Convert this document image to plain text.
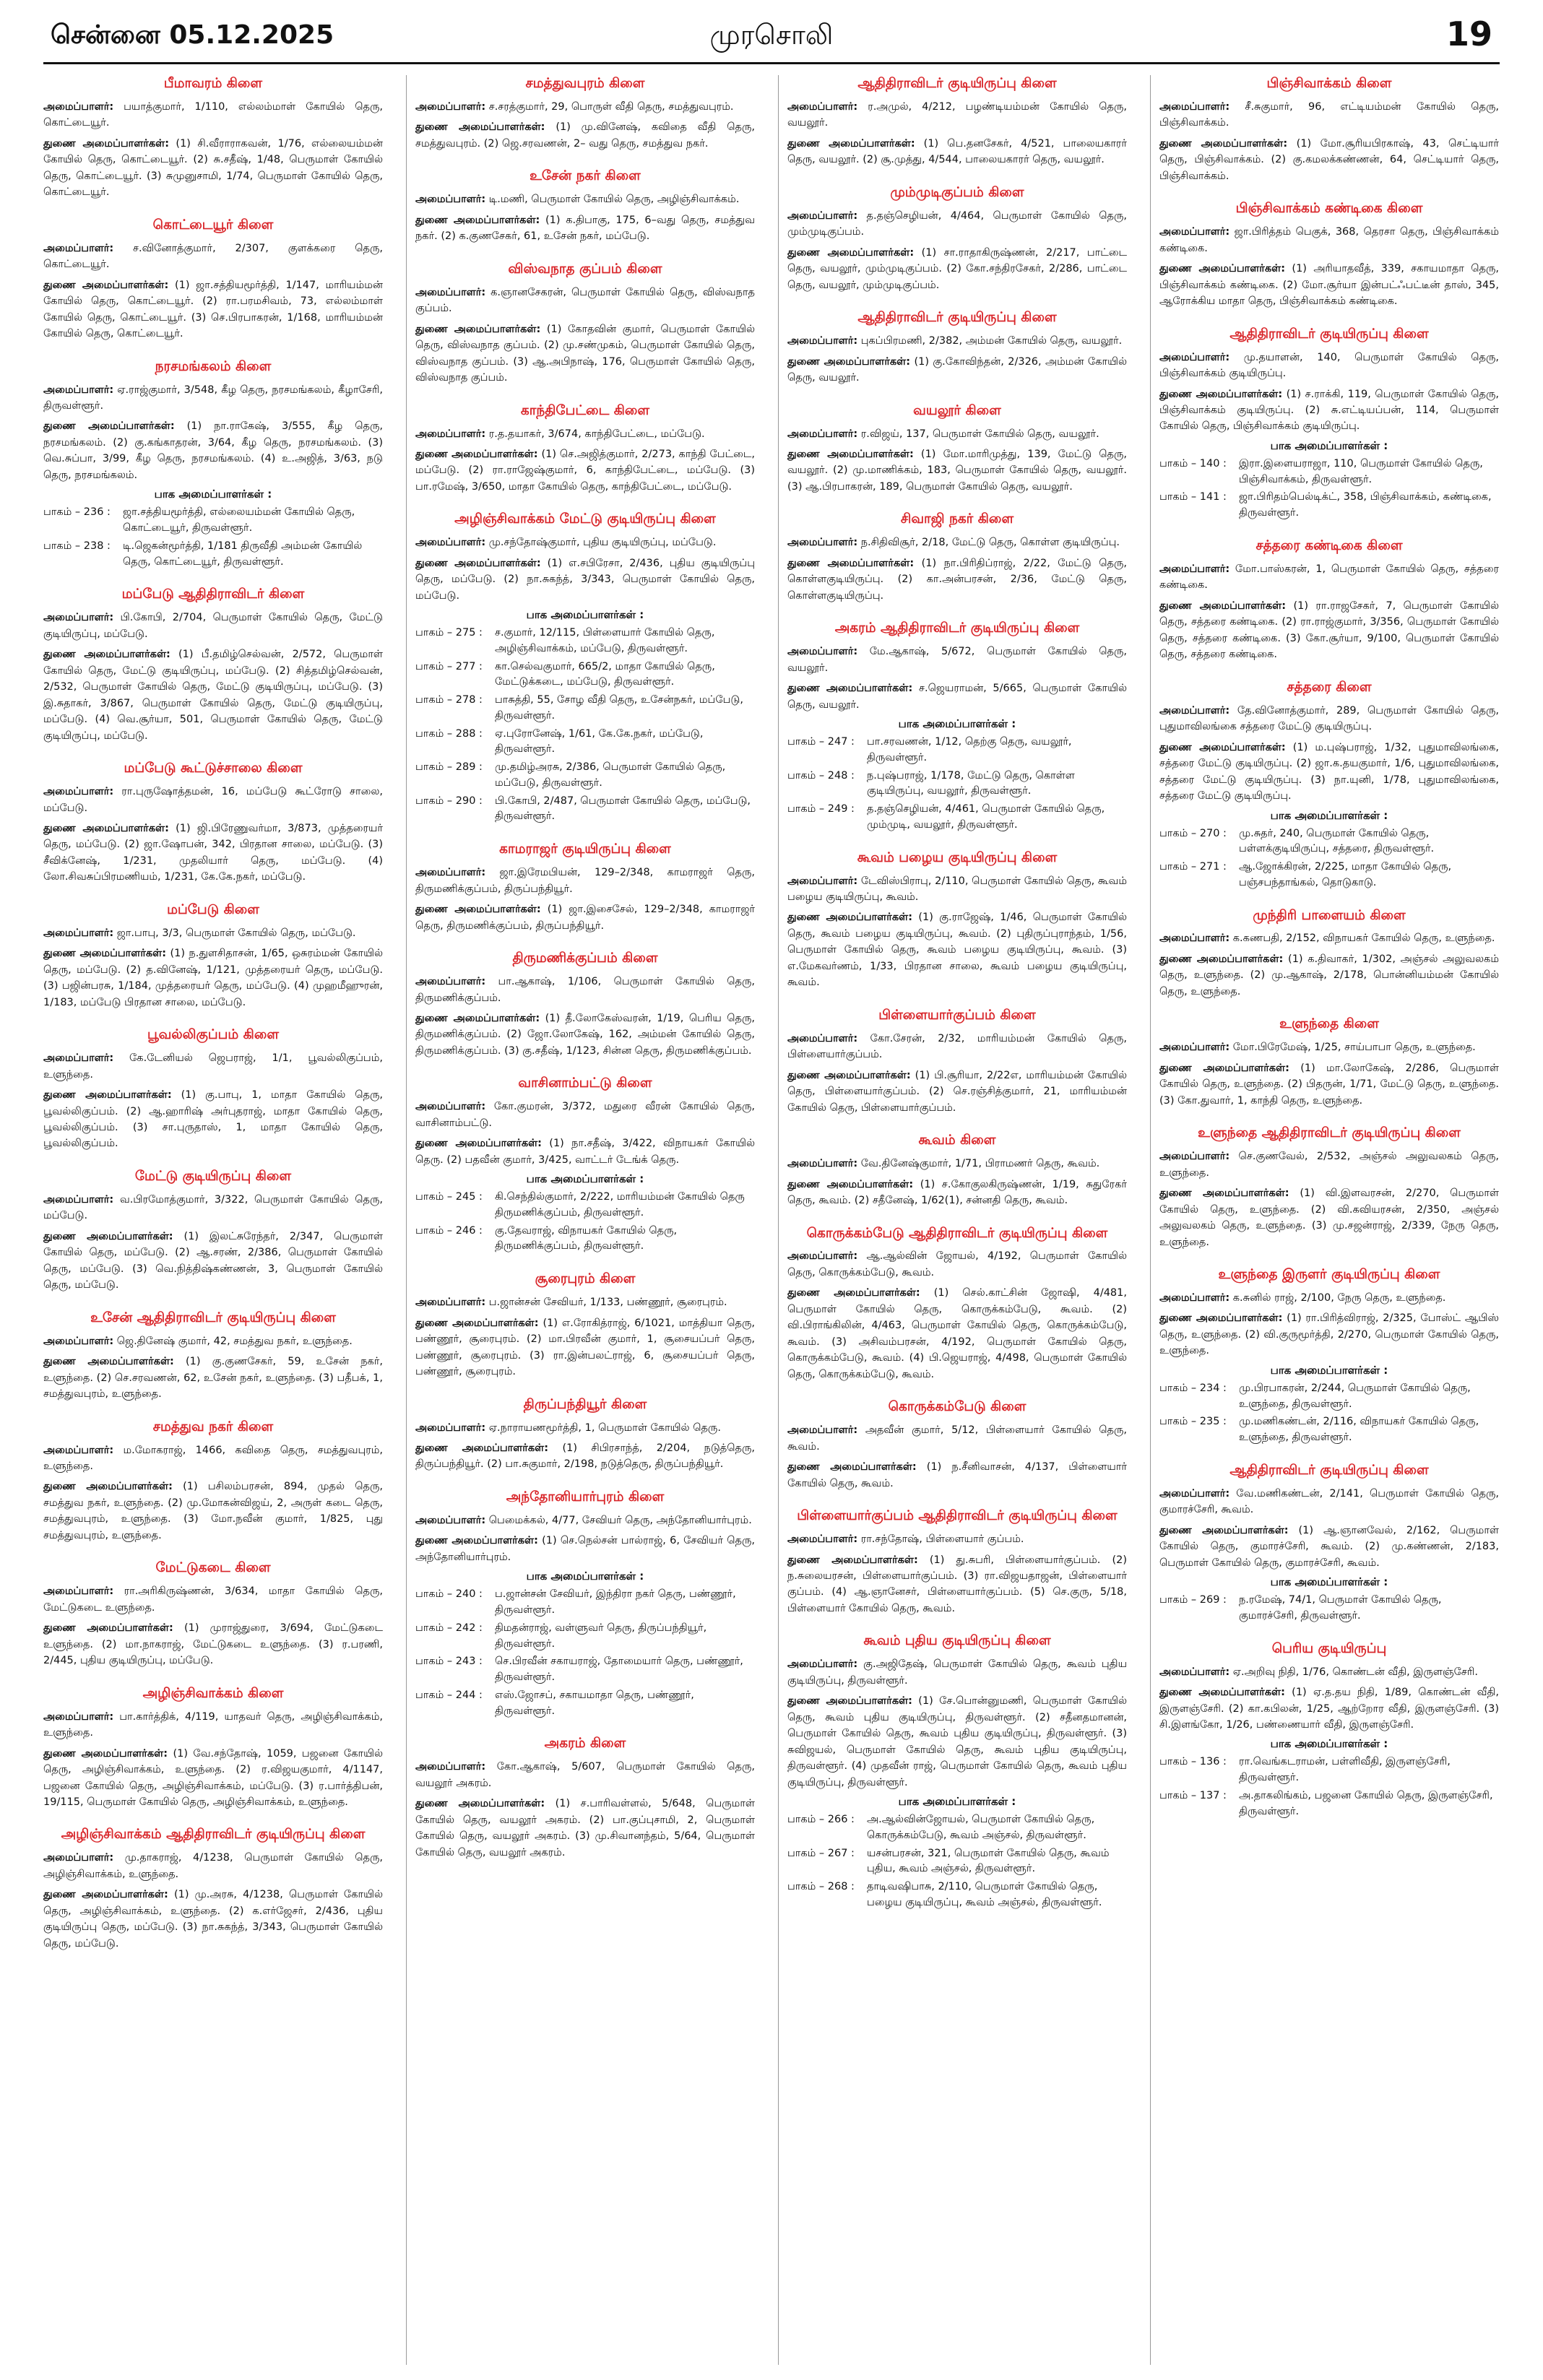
சென்னை 05.12.2025	முரசொலி	19
பீமாவரம் கிளை
அமைப்பாளர்: பயாத்குமார், 1/110, எல்லம்மாள் கோயில் தெரு, கொட்டையூர்.
துணை அமைப்பாளர்கள்: (1) சி.வீராராகவன், 1/76, எல்லையம்மன் கோயில் தெரு, கொட்டையூர். (2) சு.சதீஷ், 1/48, பெருமாள் கோயில் தெரு, கொட்டையூர். (3) சுமுனுசாமி, 1/74, பெருமாள் கோயில் தெரு, கொட்டையூர்.
கொட்டையூர் கிளை
அமைப்பாளர்: ச.வினோத்குமார், 2/307, குளக்கரை தெரு, கொட்டையூர்.
துணை அமைப்பாளர்கள்: (1) ஜா.சத்தியமூர்த்தி, 1/147, மாரியம்மன் கோயில் தெரு, கொட்டையூர். (2) ரா.பரமசிவம், 73, எல்லம்மாள் கோயில் தெரு, கொட்டையூர். (3) செ.பிரபாகரன், 1/168, மாரியம்மன் கோயில் தெரு, கொட்டையூர்.
நரசமங்கலம் கிளை
அமைப்பாளர்: ஏ.ராஜ்குமார், 3/548, கீழ தெரு, நரசமங்கலம், கீழாசேரி, திருவள்ளூர்.
துணை அமைப்பாளர்கள்: (1) நா.ராகேஷ், 3/555, கீழ தெரு, நரசமங்கலம். (2) கு.கங்காதரன், 3/64, கீழ தெரு, நரசமங்கலம். (3) வெ.சுப்பா, 3/99, கீழ தெரு, நரசமங்கலம். (4) உ.அஜித், 3/63, நடு தெரு, நரசமங்கலம்.
பாக அமைப்பாளர்கள் :
பாகம் – 236 :	ஜா.சத்தியமூர்த்தி, எல்லையம்மன் கோயில் தெரு, கொட்டையூர், திருவள்ளூர்.
பாகம் – 238 :	டி.ஜெகன்மூர்த்தி, 1/181 திருவீதி அம்மன் கோயில் தெரு, கொட்டையூர், திருவள்ளூர்.
மப்பேடு ஆதிதிராவிடர் கிளை
அமைப்பாளர்: பி.கோபி, 2/704, பெருமாள் கோயில் தெரு, மேட்டு குடியிருப்பு, மப்பேடு.
துணை அமைப்பாளர்கள்: (1) பீ.தமிழ்செல்வன், 2/572, பெருமாள் கோயில் தெரு, மேட்டு குடியிருப்பு, மப்பேடு. (2) சித்தமிழ்செல்வன், 2/532, பெருமாள் கோயில் தெரு, மேட்டு குடியிருப்பு, மப்பேடு. (3) இ.சுதாகர், 3/867, பெருமாள் கோயில் தெரு, மேட்டு குடியிருப்பு, மப்பேடு. (4) வெ.சூர்யா, 501, பெருமாள் கோயில் தெரு, மேட்டு குடியிருப்பு, மப்பேடு.
மப்பேடு கூட்டுச்சாலை கிளை
அமைப்பாளர்: ரா.புருஷோத்தமன், 16, மப்பேடு கூட்ரோடு சாலை, மப்பேடு.
துணை அமைப்பாளர்கள்: (1) ஜி.பிரேணுவர்மா, 3/873, முத்தரையர் தெரு, மப்பேடு. (2) ஜா.ஷோபன், 342, பிரதான சாலை, மப்பேடு. (3) சீவிக்னேஷ், 1/231, முதலியார் தெரு, மப்பேடு. (4) லோ.சிவசுப்பிரமணியம், 1/231, கே.கே.நகர், மப்பேடு.
மப்பேடு கிளை
அமைப்பாளர்: ஜா.பாபு, 3/3, பெருமாள் கோயில் தெரு, மப்பேடு.
துணை அமைப்பாளர்கள்: (1) ந.துளசிதாசன், 1/65, ஒசுரம்மன் கோயில் தெரு, மப்பேடு. (2) த.வினேஷ், 1/121, முத்தரையர் தெரு, மப்பேடு. (3) பஜின்பரசு, 1/184, முத்தரையர் தெரு, மப்பேடு. (4) முஹமீஹுரன், 1/183, மப்பேடு பிரதான சாலை, மப்பேடு.
பூவல்லிகுப்பம் கிளை
அமைப்பாளர்: கே.டேனியல் ஜெபராஜ், 1/1, பூவல்லிகுப்பம், உளுந்தை.
துணை அமைப்பாளர்கள்: (1) கு.பாபு, 1, மாதா கோயில் தெரு, பூவல்லிகுப்பம். (2) ஆ.ஹாரிஷ் அர்புதராஜ், மாதா கோயில் தெரு, பூவல்லிகுப்பம். (3) சா.புருதாஸ், 1, மாதா கோயில் தெரு, பூவல்லிகுப்பம்.
மேட்டு குடியிருப்பு கிளை
அமைப்பாளர்: வ.பிரமோத்குமார், 3/322, பெருமாள் கோயில் தெரு, மப்பேடு.
துணை அமைப்பாளர்கள்: (1) இலட்சுரேந்தர், 2/347, பெருமாள் கோயில் தெரு, மப்பேடு. (2) ஆ.சரண், 2/386, பெருமாள் கோயில் தெரு, மப்பேடு. (3) வெ.நித்திஷ்கண்ணன், 3, பெருமாள் கோயில் தெரு, மப்பேடு.
உசேன் ஆதிதிராவிடர் குடியிருப்பு கிளை
அமைப்பாளர்: ஜெ.தினேஷ் குமார், 42, சமத்துவ நகர், உளுந்தை.
துணை அமைப்பாளர்கள்: (1) கு.குணசேகர், 59, உசேன் நகர், உளுந்தை. (2) செ.சரவணன், 62, உசேன் நகர், உளுந்தை. (3) பதீபக், 1, சமத்துவபுரம், உளுந்தை.
சமத்துவ நகர் கிளை
அமைப்பாளர்: ம.மோகராஜ், 1466, கவிதை தெரு, சமத்துவபுரம், உளுந்தை.
துணை அமைப்பாளர்கள்: (1) பசிலம்பரசன், 894, முதல் தெரு, சமத்துவ நகர், உளுந்தை. (2) மு.மோகன்விஜய், 2, அருள் கடை தெரு, சமத்துவபுரம், உளுந்தை. (3) மோ.நவீன் குமார், 1/825, புது சமத்துவபுரம், உளுந்தை.
மேட்டுகடை கிளை
அமைப்பாளர்: ரா.அரிகிருஷ்ணன், 3/634, மாதா கோயில் தெரு, மேட்டுகடை உளுந்தை.
துணை அமைப்பாளர்கள்: (1) முராஜ்துரை, 3/694, மேட்டுகடை உளுந்தை. (2) மா.நாகராஜ், மேட்டுகடை உளுந்தை. (3) ர.பரணி, 2/445, புதிய குடியிருப்பு, மப்பேடு.
அழிஞ்சிவாக்கம் கிளை
அமைப்பாளர்: பா.கார்த்திக், 4/119, யாதவர் தெரு, அழிஞ்சிவாக்கம், உளுந்தை.
துணை அமைப்பாளர்கள்: (1) வே.சந்தோஷ், 1059, பஜனை கோயில் தெரு, அழிஞ்சிவாக்கம், உளுந்தை. (2) ர.விஜயகுமார், 4/1147, பஜனை கோயில் தெரு, அழிஞ்சிவாக்கம், மப்பேடு. (3) ர.பார்த்திபன், 19/115, பெருமாள் கோயில் தெரு, அழிஞ்சிவாக்கம், உளுந்தை.
அழிஞ்சிவாக்கம் ஆதிதிராவிடர் குடியிருப்பு கிளை
அமைப்பாளர்: மு.தாகராஜ், 4/1238, பெருமாள் கோயில் தெரு, அழிஞ்சிவாக்கம், உளுந்தை.
துணை அமைப்பாளர்கள்: (1) மு.அரசு, 4/1238, பெருமாள் கோயில் தெரு, அழிஞ்சிவாக்கம், உளுந்தை. (2) க.எர்ஜேசர், 2/436, புதிய குடியிருப்பு தெரு, மப்பேடு. (3) நா.சுகந்த், 3/343, பெருமாள் கோயில் தெரு, மப்பேடு.
சமத்துவபுரம் கிளை
அமைப்பாளர்: ச.சரத்குமார், 29, பொருள் வீதி தெரு, சமத்துவபுரம்.
துணை அமைப்பாளர்கள்: (1) மு.வினேஷ், கவிதை வீதி தெரு, சமத்துவபுரம். (2) ஜெ.சரவணன், 2– வது தெரு, சமத்துவ நகர்.
உசேன் நகர் கிளை
அமைப்பாளர்: டி.மணி, பெருமாள் கோயில் தெரு, அழிஞ்சிவாக்கம்.
துணை அமைப்பாளர்கள்: (1) க.திபாகு, 175, 6–வது தெரு, சமத்துவ நகர். (2) க.குணசேகர், 61, உசேன் நகர், மப்பேடு.
விஸ்வநாத குப்பம் கிளை
அமைப்பாளர்: க.ஞானசேகரன், பெருமாள் கோயில் தெரு, விஸ்வநாத குப்பம்.
துணை அமைப்பாளர்கள்: (1) கோதவின் குமார், பெருமாள் கோயில் தெரு, விஸ்வநாத குப்பம். (2) மு.சண்முகம், பெருமாள் கோயில் தெரு, விஸ்வநாத குப்பம். (3) ஆ.அபிநாஷ், 176, பெருமாள் கோயில் தெரு, விஸ்வநாத குப்பம்.
காந்திபேட்டை கிளை
அமைப்பாளர்: ர.த.தயாகர், 3/674, காந்திபேட்டை, மப்பேடு.
துணை அமைப்பாளர்கள்: (1) செ.அஜித்குமார், 2/273, காந்தி பேட்டை, மப்பேடு. (2) ரா.ராஜேஷ்குமார், 6, காந்திபேட்டை, மப்பேடு. (3) பா.ரமேஷ், 3/650, மாதா கோயில் தெரு, காந்திபேட்டை, மப்பேடு.
அழிஞ்சிவாக்கம் மேட்டு குடியிருப்பு கிளை
அமைப்பாளர்: மு.சந்தோஷ்குமார், புதிய குடியிருப்பு, மப்பேடு.
துணை அமைப்பாளர்கள்: (1) எ.சபிரேசா, 2/436, புதிய குடியிருப்பு தெரு, மப்பேடு. (2) நா.சுகந்த், 3/343, பெருமாள் கோயில் தெரு, மப்பேடு.
பாக அமைப்பாளர்கள் :
பாகம் – 275 :	ச.குமார், 12/115, பிள்ளையார் கோயில் தெரு, அழிஞ்சிவாக்கம், மப்பேடு, திருவள்ளூர்.
பாகம் – 277 :	கா.செல்வகுமார், 665/2, மாதா கோயில் தெரு, மேட்டுக்கடை, மப்பேடு, திருவள்ளூர்.
பாகம் – 278 :	பாசுத்தி, 55, சோழ வீதி தெரு, உசேன்நகர், மப்பேடு, திருவள்ளூர்.
பாகம் – 288 :	ஏ.புரோனேஷ், 1/61, கே.கே.நகர், மப்பேடு, திருவள்ளூர்.
பாகம் – 289 :	மு.தமிழ்அரசு, 2/386, பெருமாள் கோயில் தெரு, மப்பேடு, திருவள்ளூர்.
பாகம் – 290 :	பி.கோபி, 2/487, பெருமாள் கோயில் தெரு, மப்பேடு, திருவள்ளூர்.
காமராஜர் குடியிருப்பு கிளை
அமைப்பாளர்: ஜா.இரேமபியன், 129–2/348, காமராஜர் தெரு, திருமணிக்குப்பம், திருப்பந்தியூர்.
துணை அமைப்பாளர்கள்: (1) ஜா.இசைசேல், 129–2/348, காமராஜர் தெரு, திருமணிக்குப்பம், திருப்பந்தியூர்.
திருமணிக்குப்பம் கிளை
அமைப்பாளர்: பா.ஆகாஷ், 1/106, பெருமாள் கோயில் தெரு, திருமணிக்குப்பம்.
துணை அமைப்பாளர்கள்: (1) தீ.லோகேஸ்வரன், 1/19, பெரிய தெரு, திருமணிக்குப்பம். (2) ஜோ.லோகேஷ், 162, அம்மன் கோயில் தெரு, திருமணிக்குப்பம். (3) கு.சதீஷ், 1/123, சின்ன தெரு, திருமணிக்குப்பம்.
வாசினாம்பட்டு கிளை
அமைப்பாளர்: கோ.குமரன், 3/372, மதுரை வீரன் கோயில் தெரு, வாசினாம்பட்டு.
துணை அமைப்பாளர்கள்: (1) நா.சதீஷ், 3/422, விநாயகர் கோயில் தெரு. (2) பதவீன் குமார், 3/425, வாட்டர் டேங்க் தெரு.
பாக அமைப்பாளர்கள் :
பாகம் – 245 :	கி.செந்தில்குமார், 2/222, மாரியம்மன் கோயில் தெரு திருமணிக்குப்பம், திருவள்ளூர்.
பாகம் – 246 :	கு.தேவராஜ், விநாயகர் கோயில் தெரு, திருமணிக்குப்பம், திருவள்ளூர்.
சூரைபுரம் கிளை
அமைப்பாளர்: ப.ஜான்சன் சேவியர், 1/133, பண்ணூர், சூரைபுரம்.
துணை அமைப்பாளர்கள்: (1) எ.ரோகித்ராஜ், 6/1021, மாத்தியா தெரு, பண்ணூர், சூரைபுரம். (2) மா.பிரவீன் குமார், 1, சூசையப்பர் தெரு, பண்ணூர், சூரைபுரம். (3) ரா.இன்பலட்ராஜ், 6, சூசையப்பர் தெரு, பண்ணூர், சூரைபுரம்.
திருப்பந்தியூர் கிளை
அமைப்பாளர்: ஏ.நாராயணமூர்த்தி, 1, பெருமாள் கோயில் தெரு.
துணை அமைப்பாளர்கள்: (1) சிபிரசாந்த், 2/204, நடுத்தெரு, திருப்பந்தியூர். (2) பா.சுகுமார், 2/198, நடுத்தெரு, திருப்பந்தியூர்.
அந்தோனியார்புரம் கிளை
அமைப்பாளர்: பெமைக்கல், 4/77, சேவியர் தெரு, அந்தோனியார்புரம்.
துணை அமைப்பாளர்கள்: (1) செ.நெல்சன் பால்ராஜ், 6, சேவியர் தெரு, அந்தோனியார்புரம்.
பாக அமைப்பாளர்கள் :
பாகம் – 240 :	ப.ஜான்சன் சேவியர், இந்திரா நகர் தெரு, பண்ணூர், திருவள்ளூர்.
பாகம் – 242 :	திமதன்ராஜ், வள்ளுவர் தெரு, திருப்பந்தியூர், திருவள்ளூர்.
பாகம் – 243 :	செ.பிரவீன் சகாயராஜ், தோமையார் தெரு, பண்ணூர், திருவள்ளூர்.
பாகம் – 244 :	எஸ்.ஜோசப், சகாயமாதா தெரு, பண்ணூர், திருவள்ளூர்.
அகரம் கிளை
அமைப்பாளர்: கோ.ஆகாஷ், 5/607, பெருமாள் கோயில் தெரு, வயலூர் அகரம்.
துணை அமைப்பாளர்கள்: (1) ச.பாரிவள்ளல், 5/648, பெருமாள் கோயில் தெரு, வயலூர் அகரம். (2) பா.குப்புசாமி, 2, பெருமாள் கோயில் தெரு, வயலூர் அகரம். (3) மு.சிவானந்தம், 5/64, பெருமாள் கோயில் தெரு, வயலூர் அகரம்.
ஆதிதிராவிடர் குடியிருப்பு கிளை
அமைப்பாளர்: ர.அமுல், 4/212, பழண்டியம்மன் கோயில் தெரு, வயலூர்.
துணை அமைப்பாளர்கள்: (1) பெ.தனசேகர், 4/521, பாலையகாரர் தெரு, வயலூர். (2) சூ.முத்து, 4/544, பாலையகாரர் தெரு, வயலூர்.
மும்முடிகுப்பம் கிளை
அமைப்பாளர்: த.தஞ்செழியன், 4/464, பெருமாள் கோயில் தெரு, மும்முடிகுப்பம்.
துணை அமைப்பாளர்கள்: (1) சா.ராதாகிருஷ்ணன், 2/217, பாட்டை தெரு, வயலூர், மும்முடிகுப்பம். (2) கோ.சந்திரசேகர், 2/286, பாட்டை தெரு, வயலூர், மும்முடிகுப்பம்.
ஆதிதிராவிடர் குடியிருப்பு கிளை
அமைப்பாளர்: புகப்பிரமணி, 2/382, அம்மன் கோயில் தெரு, வயலூர்.
துணை அமைப்பாளர்கள்: (1) கு.கோவிந்தன், 2/326, அம்மன் கோயில் தெரு, வயலூர்.
வயலூர் கிளை
அமைப்பாளர்: ர.விஜய், 137, பெருமாள் கோயில் தெரு, வயலூர்.
துணை அமைப்பாளர்கள்: (1) மோ.மாரிமுத்து, 139, மேட்டு தெரு, வயலூர். (2) மு.மாணிக்கம், 183, பெருமாள் கோயில் தெரு, வயலூர். (3) ஆ.பிரபாகரன், 189, பெருமாள் கோயில் தெரு, வயலூர்.
சிவாஜி நகர் கிளை
அமைப்பாளர்: ந.சிதிவிசூர், 2/18, மேட்டு தெரு, கொள்ள குடியிருப்பு.
துணை அமைப்பாளர்கள்: (1) நா.பிரிதிப்ராஜ், 2/22, மேட்டு தெரு, கொள்ளகுடியிருப்பு. (2) கா.அன்பரசன், 2/36, மேட்டு தெரு, கொள்ளகுடியிருப்பு.
அகரம் ஆதிதிராவிடர் குடியிருப்பு கிளை
அமைப்பாளர்: மே.ஆகாஷ், 5/672, பெருமாள் கோயில் தெரு, வயலூர்.
துணை அமைப்பாளர்கள்: ச.ஜெயராமன், 5/665, பெருமாள் கோயில் தெரு, வயலூர்.
பாக அமைப்பாளர்கள் :
பாகம் – 247 :	பா.சரவணன், 1/12, தெற்கு தெரு, வயலூர், திருவள்ளூர்.
பாகம் – 248 :	ந.புஷ்பராஜ், 1/178, மேட்டு தெரு, கொள்ள குடியிருப்பு, வயலூர், திருவள்ளூர்.
பாகம் – 249 :	த.தஞ்செழியன், 4/461, பெருமாள் கோயில் தெரு, மும்முடி, வயலூர், திருவள்ளூர்.
கூவம் பழைய குடியிருப்பு கிளை
அமைப்பாளர்: டேவிஸ்பிராபு, 2/110, பெருமாள் கோயில் தெரு, கூவம் பழைய குடியிருப்பு, கூவம்.
துணை அமைப்பாளர்கள்: (1) கு.ராஜேஷ், 1/46, பெருமாள் கோயில் தெரு, கூவம் பழைய குடியிருப்பு, கூவம். (2) புதிருப்புராந்தம், 1/56, பெருமாள் கோயில் தெரு, கூவம் பழைய குடியிருப்பு, கூவம். (3) எ.மேகவர்ணம், 1/33, பிரதான சாலை, கூவம் பழைய குடியிருப்பு, கூவம்.
பிள்ளையார்குப்பம் கிளை
அமைப்பாளர்: கோ.சேரன், 2/32, மாரியம்மன் கோயில் தெரு, பிள்ளையார்குப்பம்.
துணை அமைப்பாளர்கள்: (1) பி.சூரியா, 2/22எ, மாரியம்மன் கோயில் தெரு, பிள்ளையார்குப்பம். (2) செ.ரஞ்சித்குமார், 21, மாரியம்மன் கோயில் தெரு, பிள்ளையார்குப்பம்.
கூவம் கிளை
அமைப்பாளர்: வே.தினேஷ்குமார், 1/71, பிராமணர் தெரு, கூவம்.
துணை அமைப்பாளர்கள்: (1) ச.கோகுலகிருஷ்ணன், 1/19, சுதுரேகர் தெரு, கூவம். (2) சதீனேஷ், 1/62(1), சன்னதி தெரு, கூவம்.
கொருக்கம்பேடு ஆதிதிராவிடர் குடியிருப்பு கிளை
அமைப்பாளர்: ஆ.ஆல்வின் ஜோயல், 4/192, பெருமாள் கோயில் தெரு, கொருக்கம்பேடு, கூவம்.
துணை அமைப்பாளர்கள்: (1) செல்.காட்சின் ஜோஷி, 4/481, பெருமாள் கோயில் தெரு, கொருக்கம்பேடு, கூவம். (2) வி.பிராங்கிலின், 4/463, பெருமாள் கோயில் தெரு, கொருக்கம்பேடு, கூவம். (3) அசிவம்பரசன், 4/192, பெருமாள் கோயில் தெரு, கொருக்கம்பேடு, கூவம். (4) பி.ஜெயராஜ், 4/498, பெருமாள் கோயில் தெரு, கொருக்கம்பேடு, கூவம்.
கொருக்கம்பேடு கிளை
அமைப்பாளர்: அதவீன் குமார், 5/12, பிள்ளையார் கோயில் தெரு, கூவம்.
துணை அமைப்பாளர்கள்: (1) ந.சீனிவாசன், 4/137, பிள்ளையார் கோயில் தெரு, கூவம்.
பிள்ளையார்குப்பம் ஆதிதிராவிடர் குடியிருப்பு கிளை
அமைப்பாளர்: ரா.சந்தோஷ், பிள்ளையார் குப்பம்.
துணை அமைப்பாளர்கள்: (1) து.சுபரி, பிள்ளையார்குப்பம். (2) ந.சுலையரசன், பிள்ளையார்குப்பம். (3) ரா.விஜயதாஜன், பிள்ளையார் குப்பம். (4) ஆ.ஞானேசர், பிள்ளையார்குப்பம். (5) செ.குரு, 5/18, பிள்ளையார் கோயில் தெரு, கூவம்.
கூவம் புதிய குடியிருப்பு கிளை
அமைப்பாளர்: கு.அஜிதேஷ், பெருமாள் கோயில் தெரு, கூவம் புதிய குடியிருப்பு, திருவள்ளூர்.
துணை அமைப்பாளர்கள்: (1) சே.பொன்னுமணி, பெருமாள் கோயில் தெரு, கூவம் புதிய குடியிருப்பு, திருவள்ளூர். (2) சதீனதமானன், பெருமாள் கோயில் தெரு, கூவம் புதிய குடியிருப்பு, திருவள்ளூர். (3) சுவிஜயல், பெருமாள் கோயில் தெரு, கூவம் புதிய குடியிருப்பு, திருவள்ளூர். (4) முதவீன் ராஜ், பெருமாள் கோயில் தெரு, கூவம் புதிய குடியிருப்பு, திருவள்ளூர்.
பாக அமைப்பாளர்கள் :
பாகம் – 266 :	அ.ஆல்வின்ஜோயல், பெருமாள் கோயில் தெரு, கொருக்கம்பேடு, கூவம் அஞ்சல், திருவள்ளூர்.
பாகம் – 267 :	யசன்பரசன், 321, பெருமாள் கோயில் தெரு, கூவம் புதிய, கூவம் அஞ்சல், திருவள்ளூர்.
பாகம் – 268 :	தாடிவஷிபாசு, 2/110, பெருமாள் கோயில் தெரு, பழைய குடியிருப்பு, கூவம் அஞ்சல், திருவள்ளூர்.
பிஞ்சிவாக்கம் கிளை
அமைப்பாளர்: சீ.சுகுமார், 96, எட்டியம்மன் கோயில் தெரு, பிஞ்சிவாக்கம்.
துணை அமைப்பாளர்கள்: (1) மோ.சூரியபிரகாஷ், 43, செட்டியார் தெரு, பிஞ்சிவாக்கம். (2) கு.கமலக்கண்ணன், 64, செட்டியார் தெரு, பிஞ்சிவாக்கம்.
பிஞ்சிவாக்கம் கண்டிகை கிளை
அமைப்பாளர்: ஜா.பிரித்தம் பெகுக், 368, தெரசா தெரு, பிஞ்சிவாக்கம் கண்டிகை.
துணை அமைப்பாளர்கள்: (1) அரியாதவீத், 339, சகாயமாதா தெரு, பிஞ்சிவாக்கம் கண்டிகை. (2) மோ.சூர்யா இன்பட்ஃபட்டீன் தாஸ், 345, ஆரோக்கிய மாதா தெரு, பிஞ்சிவாக்கம் கண்டிகை.
ஆதிதிராவிடர் குடியிருப்பு கிளை
அமைப்பாளர்: மு.தயாளன், 140, பெருமாள் கோயில் தெரு, பிஞ்சிவாக்கம் குடியிருப்பு.
துணை அமைப்பாளர்கள்: (1) ச.ராக்கி, 119, பெருமாள் கோயில் தெரு, பிஞ்சிவாக்கம் குடியிருப்பு. (2) சு.எட்டியப்பன், 114, பெருமாள் கோயில் தெரு, பிஞ்சிவாக்கம் குடியிருப்பு.
பாக அமைப்பாளர்கள் :
பாகம் – 140 :	இரா.இளையராஜா, 110, பெருமாள் கோயில் தெரு, பிஞ்சிவாக்கம், திருவள்ளூர்.
பாகம் – 141 :	ஜா.பிரிதம்பெல்டிக்ட், 358, பிஞ்சிவாக்கம், கண்டிகை, திருவள்ளூர்.
சத்தரை கண்டிகை கிளை
அமைப்பாளர்: மோ.பாஸ்கரன், 1, பெருமாள் கோயில் தெரு, சத்தரை கண்டிகை.
துணை அமைப்பாளர்கள்: (1) ரா.ராஜசேகர், 7, பெருமாள் கோயில் தெரு, சத்தரை கண்டிகை. (2) ரா.ராஜ்குமார், 3/356, பெருமாள் கோயில் தெரு, சத்தரை கண்டிகை. (3) கோ.சூர்யா, 9/100, பெருமாள் கோயில் தெரு, சத்தரை கண்டிகை.
சத்தரை கிளை
அமைப்பாளர்: தே.வினோத்குமார், 289, பெருமாள் கோயில் தெரு, புதுமாவிலங்கை சத்தரை மேட்டு குடியிருப்பு.
துணை அமைப்பாளர்கள்: (1) ம.புஷ்பராஜ், 1/32, புதுமாவிலங்கை, சத்தரை மேட்டு குடியிருப்பு. (2) ஜா.க.தயகுமார், 1/6, புதுமாவிலங்கை, சத்தரை மேட்டு குடியிருப்பு. (3) நா.யுனி, 1/78, புதுமாவிலங்கை, சத்தரை மேட்டு குடியிருப்பு.
பாக அமைப்பாளர்கள் :
பாகம் – 270 :	மு.சுதர், 240, பெருமாள் கோயில் தெரு, பள்ளக்குடியிருப்பு, சத்தரை, திருவள்ளூர்.
பாகம் – 271 :	ஆ.ஜோக்கிரன், 2/225, மாதா கோயில் தெரு, பஞ்சபந்தாங்கல், தொடுகாடு.
முந்திரி பாளையம் கிளை
அமைப்பாளர்: க.கணபதி, 2/152, விநாயகர் கோயில் தெரு, உளுந்தை.
துணை அமைப்பாளர்கள்: (1) க.திவாகர், 1/302, அஞ்சல் அலுவலகம் தெரு, உளுந்தை. (2) மு.ஆகாஷ், 2/178, பொன்னியம்மன் கோயில் தெரு, உளுந்தை.
உளுந்தை கிளை
அமைப்பாளர்: மோ.பிரேமேஷ், 1/25, சாய்பாபா தெரு, உளுந்தை.
துணை அமைப்பாளர்கள்: (1) மா.லோகேஷ், 2/286, பெருமாள் கோயில் தெரு, உளுந்தை. (2) பிதருன், 1/71, மேட்டு தெரு, உளுந்தை. (3) கோ.துவார், 1, காந்தி தெரு, உளுந்தை.
உளுந்தை ஆதிதிராவிடர் குடியிருப்பு கிளை
அமைப்பாளர்: செ.குணவேல், 2/532, அஞ்சல் அலுவலகம் தெரு, உளுந்தை.
துணை அமைப்பாளர்கள்: (1) வி.இளவரசன், 2/270, பெருமாள் கோயில் தெரு, உளுந்தை. (2) வி.கவியரசன், 2/350, அஞ்சல் அலுவலகம் தெரு, உளுந்தை. (3) மு.சஜன்ராஜ், 2/339, நேரு தெரு, உளுந்தை.
உளுந்தை இருளர் குடியிருப்பு கிளை
அமைப்பாளர்: க.சுனில் ராஜ், 2/100, நேரு தெரு, உளுந்தை.
துணை அமைப்பாளர்கள்: (1) ரா.பிரித்விராஜ், 2/325, போஸ்ட் ஆபிஸ் தெரு, உளுந்தை. (2) வி.குருமூர்த்தி, 2/270, பெருமாள் கோயில் தெரு, உளுந்தை.
பாக அமைப்பாளர்கள் :
பாகம் – 234 :	மு.பிரபாகரன், 2/244, பெருமாள் கோயில் தெரு, உளுந்தை, திருவள்ளூர்.
பாகம் – 235 :	மு.மணிகண்டன், 2/116, விநாயகர் கோயில் தெரு, உளுந்தை, திருவள்ளூர்.
ஆதிதிராவிடர் குடியிருப்பு கிளை
அமைப்பாளர்: வே.மணிகண்டன், 2/141, பெருமாள் கோயில் தெரு, குமாரச்சேரி, கூவம்.
துணை அமைப்பாளர்கள்: (1) ஆ.ஞானவேல், 2/162, பெருமாள் கோயில் தெரு, குமாரச்சேரி, கூவம். (2) மு.கண்ணன், 2/183, பெருமாள் கோயில் தெரு, குமாரச்சேரி, கூவம்.
பாக அமைப்பாளர்கள் :
பாகம் – 269 :	ந.ரமேஷ், 74/1, பெருமாள் கோயில் தெரு, குமாரச்சேரி, திருவள்ளூர்.
பெரிய குடியிருப்பு
அமைப்பாளர்: ஏ.அறிவு நிதி, 1/76, கொண்டன் வீதி, இருளஞ்சேரி.
துணை அமைப்பாளர்கள்: (1) ஏ.த.தய நிதி, 1/89, கொண்டன் வீதி, இருளஞ்சேரி. (2) கா.கபிலன், 1/25, ஆற்றோர வீதி, இருளஞ்சேரி. (3) சி.இளங்கோ, 1/26, பண்ணையார் வீதி, இருளஞ்சேரி.
பாக அமைப்பாளர்கள் :
பாகம் – 136 :	ரா.வெங்கடராமன், பள்ளிவீதி, இருளஞ்சேரி, திருவள்ளூர்.
பாகம் – 137 :	அ.தாகலிங்கம், பஜனை கோயில் தெரு, இருளஞ்சேரி, திருவள்ளூர்.
